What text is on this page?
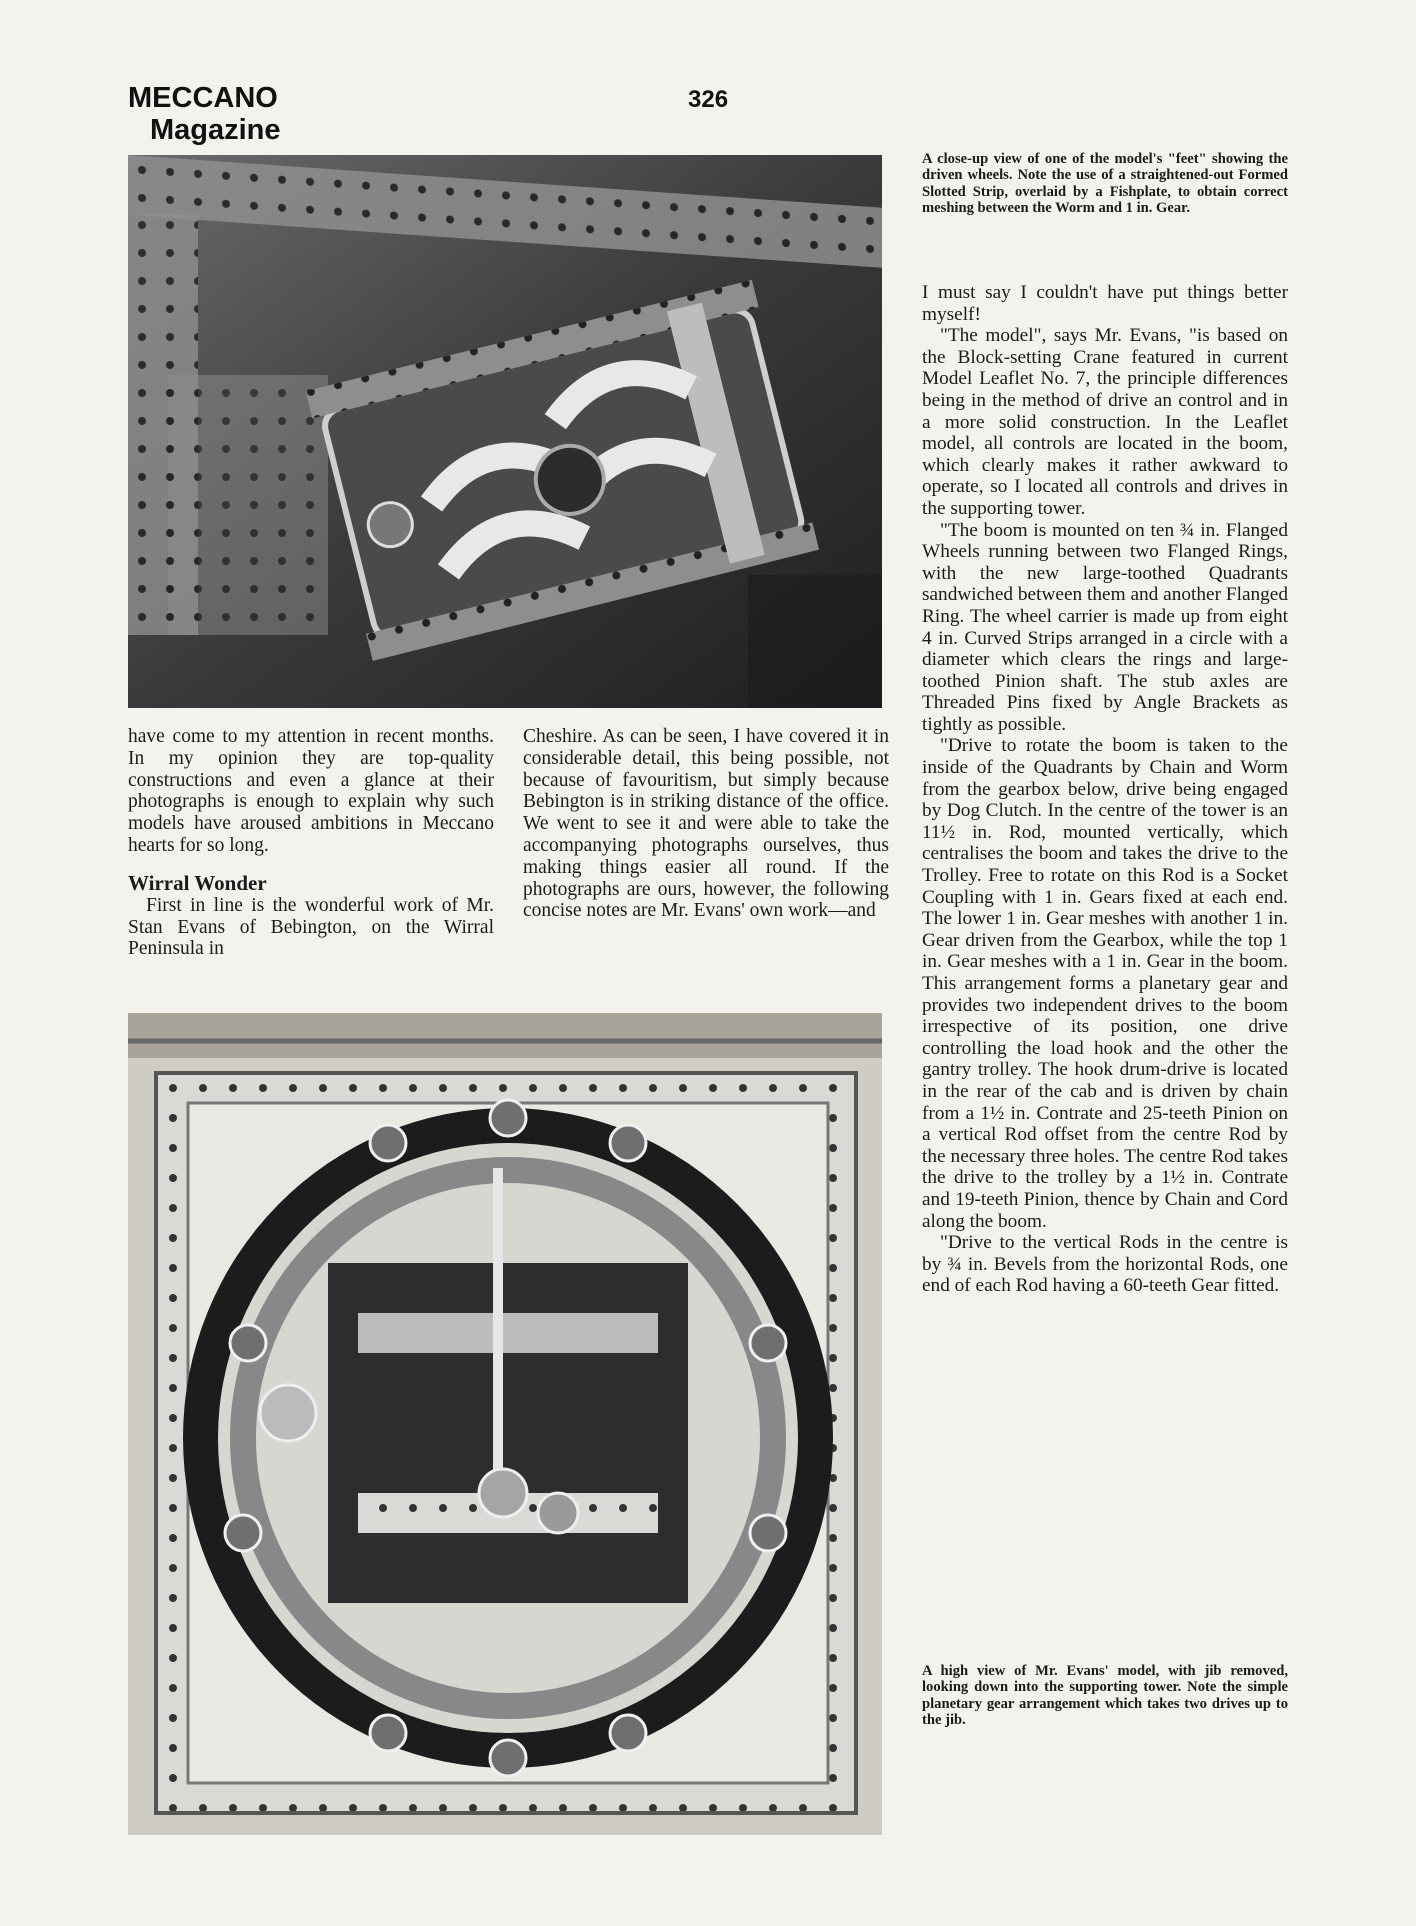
MECCANO
Magazine
326
A close-up view of one of the model's "feet" showing the driven wheels. Note the use of a straightened-out Formed Slotted Strip, overlaid by a Fishplate, to obtain correct meshing between the Worm and 1 in. Gear.

have come to my attention in recent months. In my opinion they are top-quality constructions and even a glance at their photographs is enough to explain why such models have aroused ambitions in Meccano hearts for so long.

Wirral Wonder

First in line is the wonderful work of Mr. Stan Evans of Bebington, on the Wirral Peninsula in

Cheshire. As can be seen, I have covered it in considerable detail, this being possible, not because of favouritism, but simply because Bebington is in striking distance of the office. We went to see it and were able to take the accompanying photographs ourselves, thus making things easier all round. If the photographs are ours, however, the following concise notes are Mr. Evans' own work—and

I must say I couldn't have put things better myself!

"The model", says Mr. Evans, "is based on the Block-setting Crane featured in current Model Leaflet No. 7, the principle differences being in the method of drive an control and in a more solid construction. In the Leaflet model, all controls are located in the boom, which clearly makes it rather awkward to operate, so I located all controls and drives in the supporting tower.

"The boom is mounted on ten ¾ in. Flanged Wheels running between two Flanged Rings, with the new large-toothed Quadrants sandwiched between them and another Flanged Ring. The wheel carrier is made up from eight 4 in. Curved Strips arranged in a circle with a diameter which clears the rings and large-toothed Pinion shaft. The stub axles are Threaded Pins fixed by Angle Brackets as tightly as possible.

"Drive to rotate the boom is taken to the inside of the Quadrants by Chain and Worm from the gearbox below, drive being engaged by Dog Clutch. In the centre of the tower is an 11½ in. Rod, mounted vertically, which centralises the boom and takes the drive to the Trolley. Free to rotate on this Rod is a Socket Coupling with 1 in. Gears fixed at each end. The lower 1 in. Gear meshes with another 1 in. Gear driven from the Gearbox, while the top 1 in. Gear meshes with a 1 in. Gear in the boom. This arrangement forms a planetary gear and provides two independent drives to the boom irrespective of its position, one drive controlling the load hook and the other the gantry trolley. The hook drum-drive is located in the rear of the cab and is driven by chain from a 1½ in. Contrate and 25-teeth Pinion on a vertical Rod offset from the centre Rod by the necessary three holes. The centre Rod takes the drive to the trolley by a 1½ in. Contrate and 19-teeth Pinion, thence by Chain and Cord along the boom.

"Drive to the vertical Rods in the centre is by ¾ in. Bevels from the horizontal Rods, one end of each Rod having a 60-teeth Gear fitted.

A high view of Mr. Evans' model, with jib removed, looking down into the supporting tower. Note the simple planetary gear arrangement which takes two drives up to the jib.
